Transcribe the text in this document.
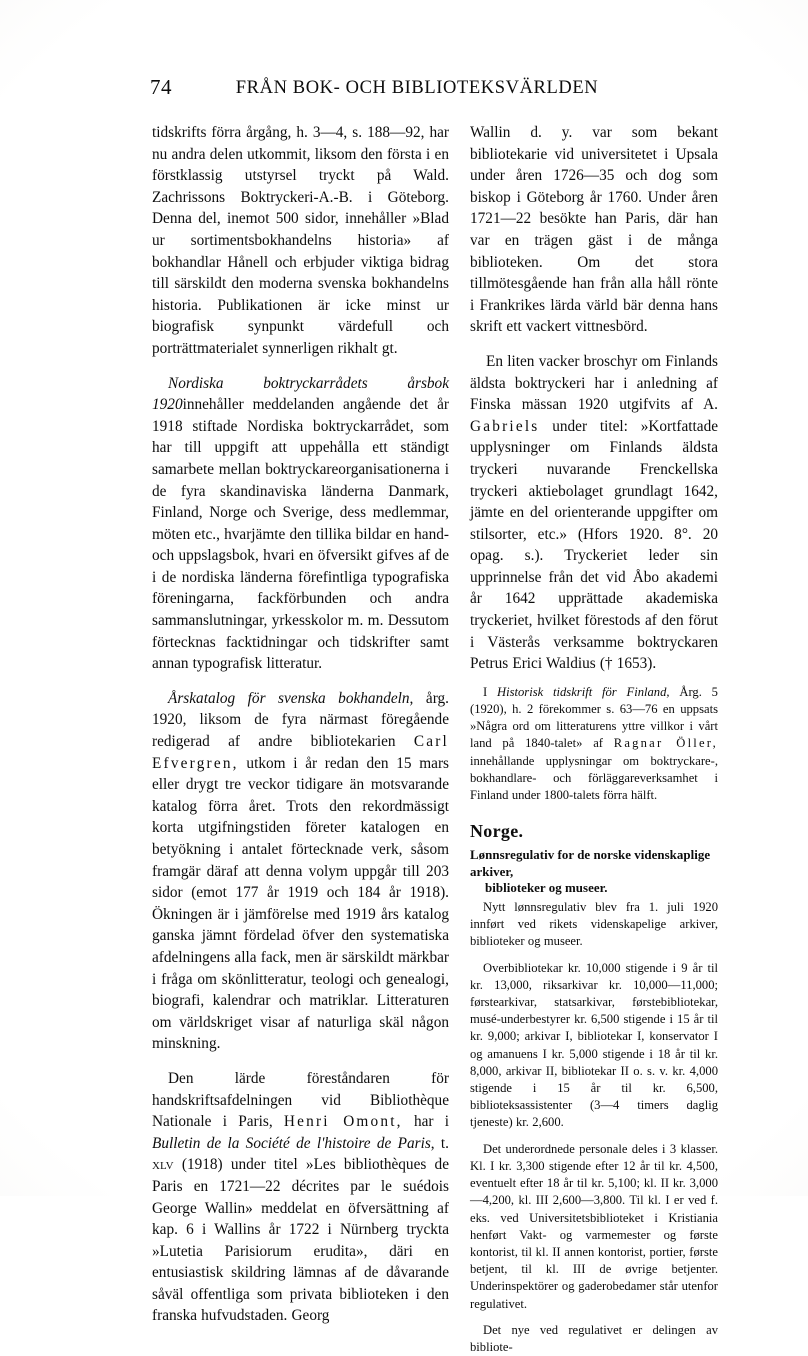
74	FRÅN BOK- OCH BIBLIOTEKSVÄRLDEN

tidskrifts förra årgång, h. 3—4, s. 188—92, har nu andra delen utkommit, liksom den första i en förstklassig utstyrsel tryckt på Wald. Zachrissons Boktryckeri-A.-B. i Göteborg. Denna del, inemot 500 sidor, innehåller »Blad ur sortimentsbokhandelns historia» af bokhandlar Hånell och erbjuder viktiga bidrag till särskildt den moderna svenska bokhandelns historia. Publikationen är icke minst ur biografisk synpunkt värdefull och porträttmaterialet synnerligen rikhalt gt.

Nordiska boktryckarrådets årsbok 1920innehåller meddelanden angående det år 1918 stiftade Nordiska boktryckarrådet, som har till uppgift att uppehålla ett ständigt samarbete mellan boktryckareorganisationerna i de fyra skandinaviska länderna Danmark, Finland, Norge och Sverige, dess medlemmar, möten etc., hvarjämte den tillika bildar en hand- och uppslagsbok, hvari en öfversikt gifves af de i de nordiska länderna förefintliga typografiska föreningarna, fackförbunden och andra sammanslutningar, yrkesskolor m. m. Dessutom förtecknas facktidningar och tidskrifter samt annan typografisk litteratur.

Årskatalog för svenska bokhandeln, årg. 1920, liksom de fyra närmast föregående redigerad af andre bibliotekarien Carl Efvergren, utkom i år redan den 15 mars eller drygt tre veckor tidigare än motsvarande katalog förra året. Trots den rekordmässigt korta utgifningstiden företer katalogen en betyökning i antalet förtecknade verk, såsom framgär däraf att denna volym uppgår till 203 sidor (emot 177 år 1919 och 184 år 1918). Ökningen är i jämförelse med 1919 års katalog ganska jämnt fördelad öfver den systematiska afdelningens alla fack, men är särskildt märkbar i fråga om skönlitteratur, teologi och genealogi, biografi, kalendrar och matriklar. Litteraturen om världskriget visar af naturliga skäl någon minskning.

Den lärde föreståndaren för handskriftsafdelningen vid Bibliothèque Nationale i Paris, Henri Omont, har i Bulletin de la Société de l'histoire de Paris, t. xlv (1918) under titel »Les bibliothèques de Paris en 1721—22 décrites par le suédois George Wallin» meddelat en öfversättning af kap. 6 i Wallins år 1722 i Nürnberg tryckta »Lutetia Parisiorum erudita», däri en entusiastisk skildring lämnas af de dåvarande såväl offentliga som privata biblioteken i den franska hufvudstaden. Georg

Wallin d. y. var som bekant bibliotekarie vid universitetet i Upsala under åren 1726—35 och dog som biskop i Göteborg år 1760. Under åren 1721—22 besökte han Paris, där han var en trägen gäst i de många biblioteken. Om det stora tillmötesgående han från alla håll rönte i Frankrikes lärda värld bär denna hans skrift ett vackert vittnesbörd.

En liten vacker broschyr om Finlands äldsta boktryckeri har i anledning af Finska mässan 1920 utgifvits af A. Gabriels under titel: »Kortfattade upplysninger om Finlands äldsta tryckeri nuvarande Frenckellska tryckeri aktiebolaget grundlagt 1642, jämte en del orienterande uppgifter om stilsorter, etc.» (Hfors 1920. 8°. 20 opag. s.). Tryckeriet leder sin upprinnelse från det vid Åbo akademi år 1642 upprättade akademiska tryckeriet, hvilket förestods af den förut i Västerås verksamme boktryckaren Petrus Erici Waldius († 1653).

I Historisk tidskrift för Finland, Årg. 5 (1920), h. 2 förekommer s. 63—76 en uppsats »Några ord om litteraturens yttre villkor i vårt land på 1840-talet» af Ragnar Öller, innehållande upplysningar om boktryckare-, bokhandlare- och förläggareverksamhet i Finland under 1800-talets förra hälft.

Norge.
Lønnsregulativ for de norske videnskaplige arkiver,
biblioteker og museer.

Nytt lønnsregulativ blev fra 1. juli 1920 innført ved rikets videnskapelige arkiver, biblioteker og museer.

Overbibliotekar kr. 10,000 stigende i 9 år til kr. 13,000, riksarkivar kr. 10,000—11,000; førstearkivar, statsarkivar, førstebibliotekar, musé-underbestyrer kr. 6,500 stigende i 15 år til kr. 9,000; arkivar I, bibliotekar I, konservator I og amanuens I kr. 5,000 stigende i 18 år til kr. 8,000, arkivar II, bibliotekar II o. s. v. kr. 4,000 stigende i 15 år til kr. 6,500, biblioteksassistenter (3—4 timers daglig tjeneste) kr. 2,600.

Det underordnede personale deles i 3 klasser. Kl. I kr. 3,300 stigende efter 12 år til kr. 4,500, eventuelt efter 18 år til kr. 5,100; kl. II kr. 3,000—4,200, kl. III 2,600—3,800. Til kl. I er ved f. eks. ved Universitetsbiblioteket i Kristiania henført Vakt- og varmemester og første kontorist, til kl. II annen kontorist, portier, første betjent, til kl. III de øvrige betjenter. Underinspektörer og gaderobedamer står utenfor regulativet.

Det nye ved regulativet er delingen av bibliote-
